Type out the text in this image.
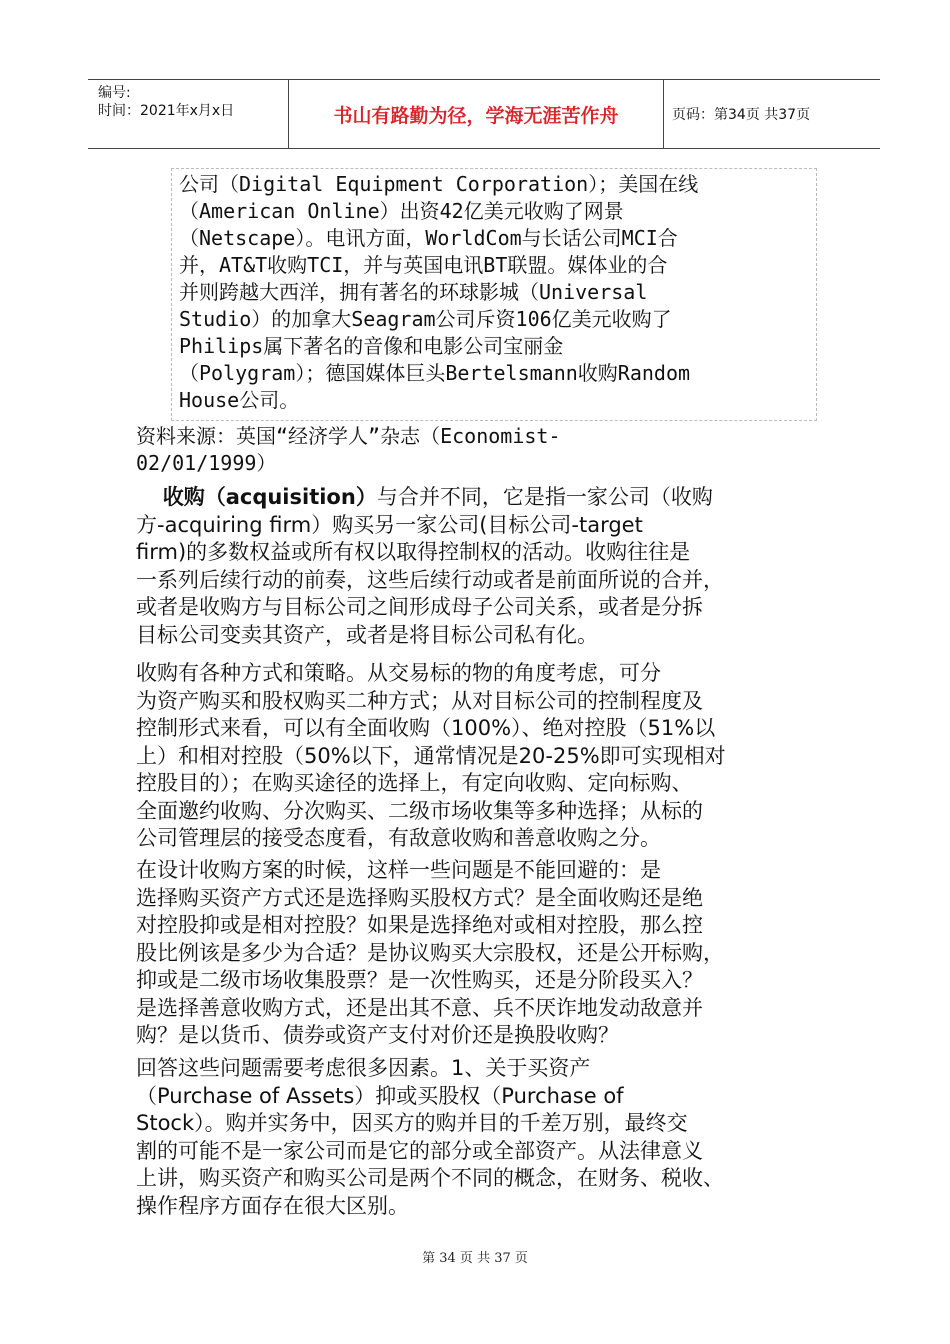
编号:
时间：2021年x月x日	书山有路勤为径，学海无涯苦作舟	页码：第34页 共37页
公司（Digital Equipment Corporation）；美国在线
（American Online）出资42亿美元收购了网景
（Netscape）。电讯方面，WorldCom与长话公司MCI合
并，AT&T收购TCI，并与英国电讯BT联盟。媒体业的合
并则跨越大西洋，拥有著名的环球影城（Universal
Studio）的加拿大Seagram公司斥资106亿美元收购了
Philips属下著名的音像和电影公司宝丽金
（Polygram）；德国媒体巨头Bertelsmann收购Random
House公司。
资料来源：英国“经济学人”杂志（Economist-
02/01/1999）
收购（acquisition）与合并不同，它是指一家公司（收购
方-acquiring firm）购买另一家公司(目标公司-target
firm)的多数权益或所有权以取得控制权的活动。收购往往是
一系列后续行动的前奏，这些后续行动或者是前面所说的合并，
或者是收购方与目标公司之间形成母子公司关系，或者是分拆
目标公司变卖其资产，或者是将目标公司私有化。
收购有各种方式和策略。从交易标的物的角度考虑，可分
为资产购买和股权购买二种方式；从对目标公司的控制程度及
控制形式来看，可以有全面收购（100%）、绝对控股（51%以
上）和相对控股（50%以下，通常情况是20-25%即可实现相对
控股目的）；在购买途径的选择上，有定向收购、定向标购、
全面邀约收购、分次购买、二级市场收集等多种选择；从标的
公司管理层的接受态度看，有敌意收购和善意收购之分。
在设计收购方案的时候，这样一些问题是不能回避的：是
选择购买资产方式还是选择购买股权方式？是全面收购还是绝
对控股抑或是相对控股？如果是选择绝对或相对控股，那么控
股比例该是多少为合适？是协议购买大宗股权，还是公开标购，
抑或是二级市场收集股票？是一次性购买，还是分阶段买入？
是选择善意收购方式，还是出其不意、兵不厌诈地发动敌意并
购？是以货币、债券或资产支付对价还是换股收购？
回答这些问题需要考虑很多因素。1、关于买资产
（Purchase of Assets）抑或买股权（Purchase of
Stock）。购并实务中，因买方的购并目的千差万别，最终交
割的可能不是一家公司而是它的部分或全部资产。从法律意义
上讲，购买资产和购买公司是两个不同的概念，在财务、税收、
操作程序方面存在很大区别。
第 34 页 共 37 页
